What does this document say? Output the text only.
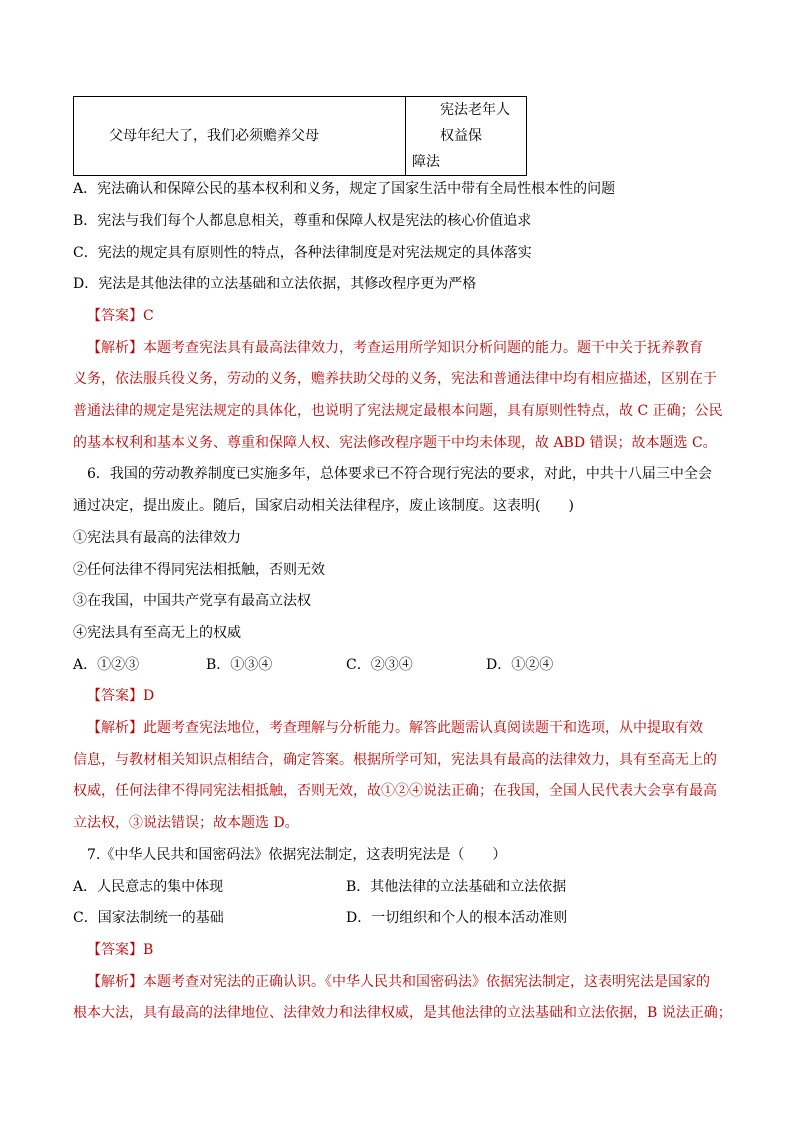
父母年纪大了，我们必须赡养父母	
宪法老年人权益保
障法
A．宪法确认和保障公民的基本权利和义务，规定了国家生活中带有全局性根本性的问题
B．宪法与我们每个人都息息相关，尊重和保障人权是宪法的核心价值追求
C．宪法的规定具有原则性的特点，各种法律制度是对宪法规定的具体落实
D．宪法是其他法律的立法基础和立法依据，其修改程序更为严格
【答案】C
【解析】本题考查宪法具有最高法律效力，考查运用所学知识分析问题的能力。题干中关于抚养教育
义务，依法服兵役义务，劳动的义务，赡养扶助父母的义务，宪法和普通法律中均有相应描述，区别在于
普通法律的规定是宪法规定的具体化，也说明了宪法规定最根本问题，具有原则性特点，故 C 正确；公民
的基本权利和基本义务、尊重和保障人权、宪法修改程序题干中均未体现，故 ABD 错误；故本题选 C。
6．我国的劳动教养制度已实施多年，总体要求已不符合现行宪法的要求，对此，中共十八届三中全会
通过决定，提出废止。随后，国家启动相关法律程序，废止该制度。这表明(　　)
①宪法具有最高的法律效力
②任何法律不得同宪法相抵触，否则无效
③在我国，中国共产党享有最高立法权
④宪法具有至高无上的权威
A．①②③	B．①③④	C．②③④	D．①②④
【答案】D
【解析】此题考查宪法地位，考查理解与分析能力。解答此题需认真阅读题干和选项，从中提取有效
信息，与教材相关知识点相结合，确定答案。根据所学可知，宪法具有最高的法律效力，具有至高无上的
权威，任何法律不得同宪法相抵触，否则无效，故①②④说法正确；在我国，全国人民代表大会享有最高
立法权，③说法错误；故本题选 D。
7.《中华人民共和国密码法》依据宪法制定，这表明宪法是（　　）
A．人民意志的集中体现	B．其他法律的立法基础和立法依据
C．国家法制统一的基础	D．一切组织和个人的根本活动准则
【答案】B
【解析】本题考查对宪法的正确认识。《中华人民共和国密码法》依据宪法制定，这表明宪法是国家的
根本大法，具有最高的法律地位、法律效力和法律权威，是其他法律的立法基础和立法依据，B 说法正确；
